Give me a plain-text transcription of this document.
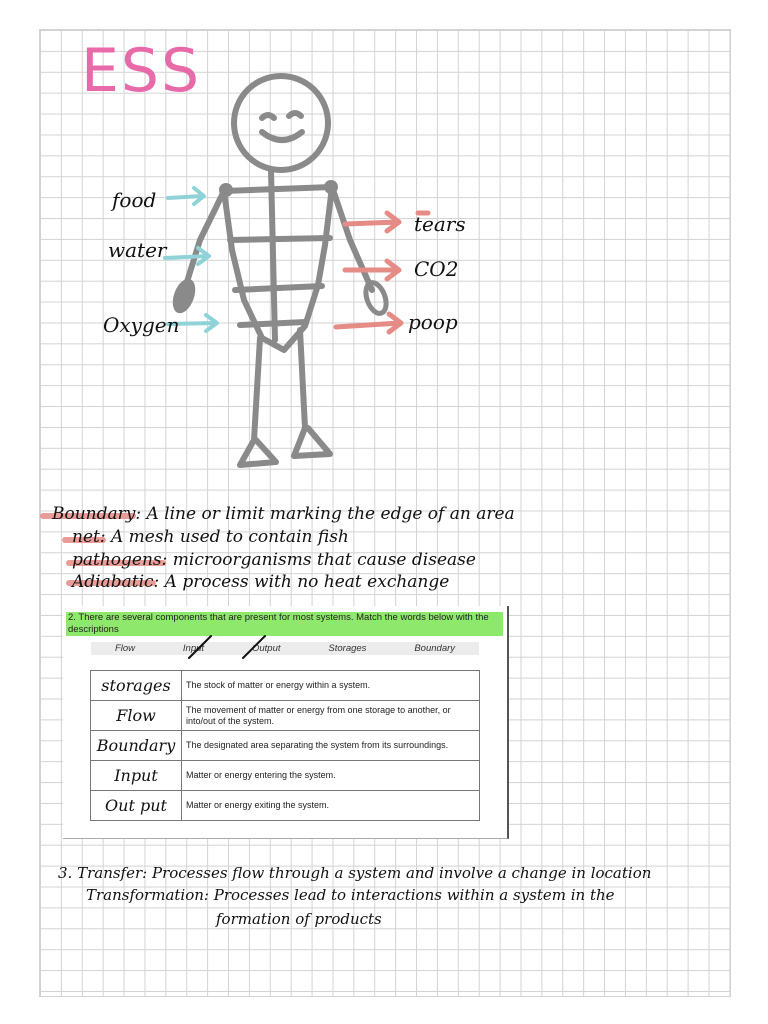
ESS
food
water
Oxygen
tears
CO2
poop
Boundary: A line or limit marking the edge of an area
net: A mesh used to contain fish
pathogens: microorganisms that cause disease
Adiabatic: A process with no heat exchange
2. There are several components that are present for most systems. Match the words below with the descriptions
Flow	Input	Output	Storages	Boundary
storages	The stock of matter or energy within a system.
Flow	The movement of matter or energy from one storage to another, or into/out of the system.
Boundary	The designated area separating the system from its surroundings.
Input	Matter or energy entering the system.
Out put	Matter or energy exiting the system.
3. Transfer: Processes flow through a system and involve a change in location
Transformation: Processes lead to interactions within a system in the
formation of products
